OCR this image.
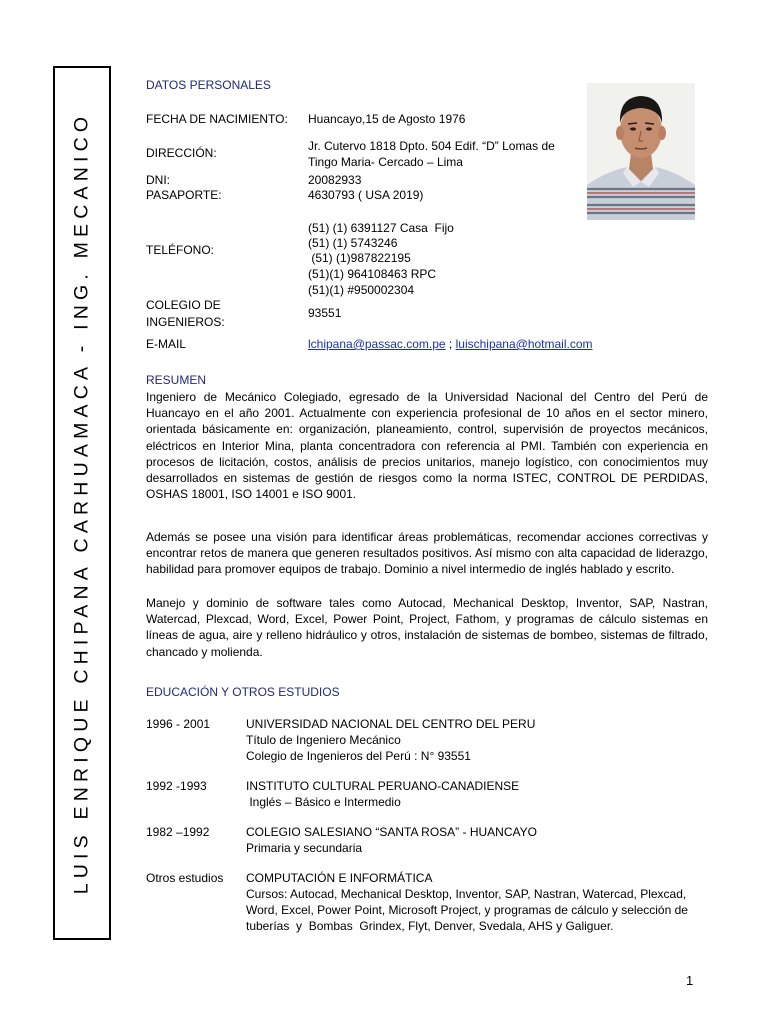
LUIS ENRIQUE CHIPANA CARHUAMACA - ING. MECANICO
DATOS PERSONALES
FECHA DE NACIMIENTO: Huancayo,15 de Agosto 1976
DIRECCIÓN:	Jr. Cutervo 1818 Dpto. 504 Edif. “D” Lomas de
Tingo Maria- Cercado – Lima
DNI:	20082933
PASAPORTE:	4630793 ( USA 2019)
TELÉFONO:
(51) (1) 6391127 Casa  Fijo
(51) (1) 5743246
(51) (1)987822195
(51)(1) 964108463 RPC
(51)(1) #950002304
COLEGIO DE
INGENIEROS:
93551
E-MAIL	lchipana@passac.com.pe ; luischipana@hotmail.com
RESUMEN
Ingeniero de Mecánico Colegiado, egresado de la Universidad Nacional del Centro del Perú de Huancayo en el año 2001. Actualmente con experiencia profesional de 10 años en el sector minero, orientada básicamente en: organización, planeamiento, control, supervisión de proyectos mecánicos, eléctricos en Interior Mina, planta concentradora con referencia al PMI. También con experiencia en procesos de licitación, costos, análisis de precios unitarios, manejo logístico, con conocimientos muy desarrollados en sistemas de gestión de riesgos como la norma ISTEC, CONTROL DE PERDIDAS, OSHAS 18001, ISO 14001 e ISO 9001.
Además se posee una visión para identificar áreas problemáticas, recomendar acciones correctivas y encontrar retos de manera que generen resultados positivos. Así mismo con alta capacidad de liderazgo, habilidad para promover equipos de trabajo. Dominio a nivel intermedio de inglés hablado y escrito.
Manejo y dominio de software tales como Autocad, Mechanical Desktop, Inventor, SAP, Nastran, Watercad, Plexcad, Word, Excel, Power Point, Project, Fathom, y programas de cálculo sistemas en líneas de agua, aire y relleno hidráulico y otros, instalación de sistemas de bombeo, sistemas de filtrado, chancado y molienda.
EDUCACIÓN Y OTROS ESTUDIOS
1996 - 2001	UNIVERSIDAD NACIONAL DEL CENTRO DEL PERU
Título de Ingeniero Mecánico
Colegio de Ingenieros del Perú : N° 93551
1992 -1993	INSTITUTO CULTURAL PERUANO-CANADIENSE
Inglés – Básico e Intermedio
1982 –1992	COLEGIO SALESIANO “SANTA ROSA” - HUANCAYO
Primaria y secundaria
Otros estudios COMPUTACIÓN E INFORMÁTICA
Cursos: Autocad, Mechanical Desktop, Inventor, SAP, Nastran, Watercad, Plexcad,
Word, Excel, Power Point, Microsoft Project, y programas de cálculo y selección de
tuberías  y  Bombas  Grindex, Flyt, Denver, Svedala, AHS y Galiguer.
1
